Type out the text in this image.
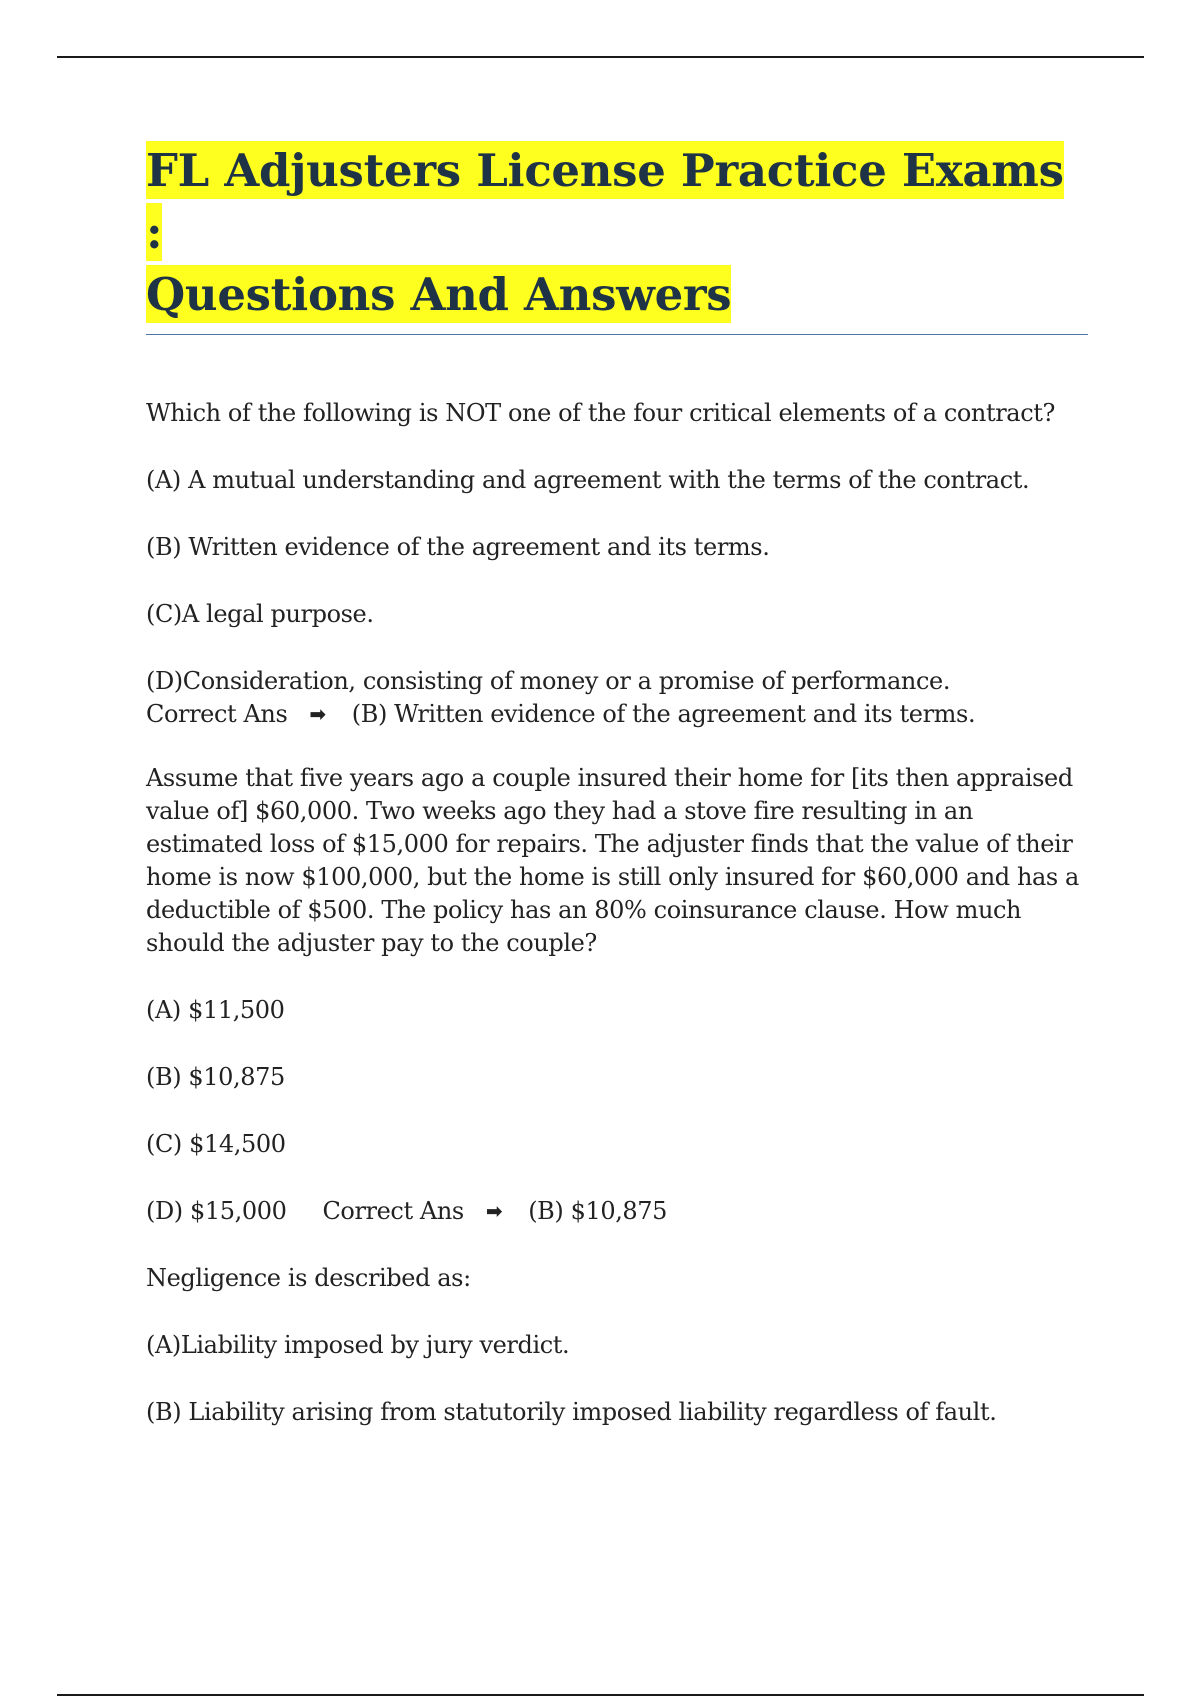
FL Adjusters License Practice Exams :
Questions And Answers

Which of the following is NOT one of the four critical elements of a contract?

(A) A mutual understanding and agreement with the terms of the contract.

(B) Written evidence of the agreement and its terms.

(C)A legal purpose.

(D)Consideration, consisting of money or a promise of performance.

Correct Ans ➡ (B) Written evidence of the agreement and its terms.

Assume that five years ago a couple insured their home for [its then appraised value of] $60,000. Two weeks ago they had a stove fire resulting in an estimated loss of $15,000 for repairs. The adjuster finds that the value of their home is now $100,000, but the home is still only insured for $60,000 and has a deductible of $500. The policy has an 80% coinsurance clause. How much should the adjuster pay to the couple?

(A) $11,500

(B) $10,875

(C) $14,500

(D) $15,000 Correct Ans ➡ (B) $10,875

Negligence is described as:

(A)Liability imposed by jury verdict.

(B) Liability arising from statutorily imposed liability regardless of fault.
